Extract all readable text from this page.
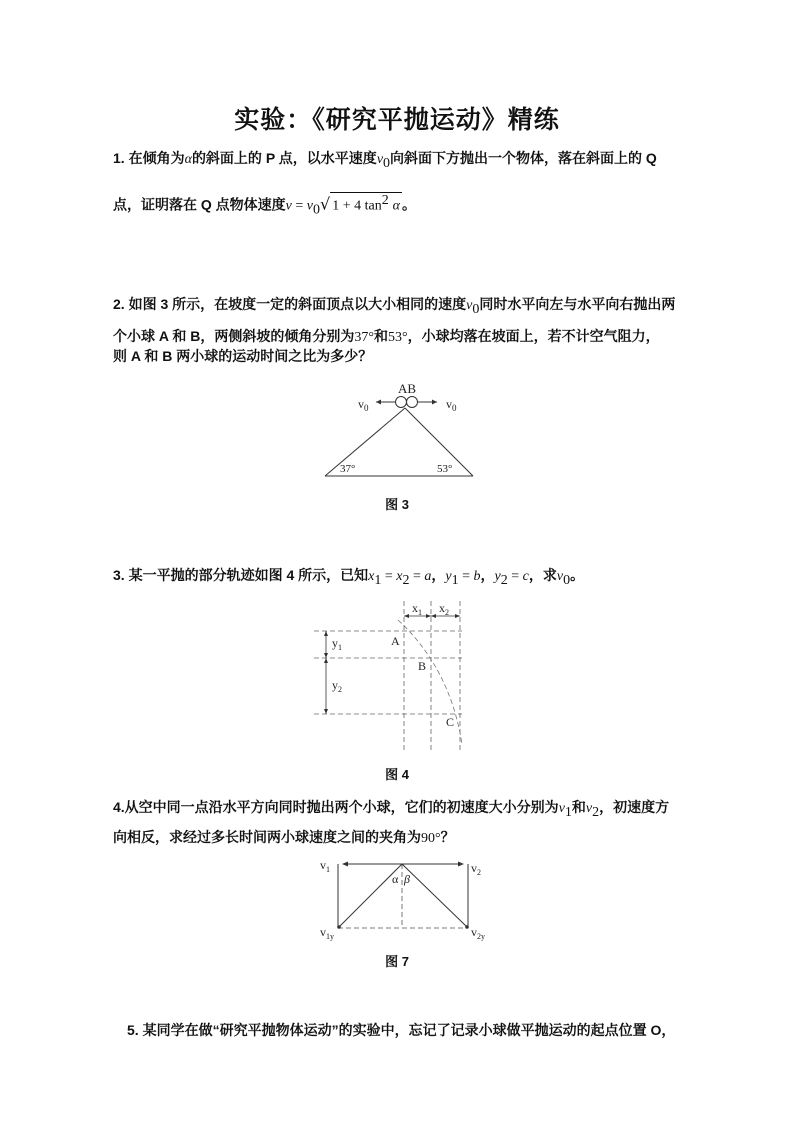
实验：《研究平抛运动》精练
1. 在倾角为α的斜面上的 P 点，以水平速度$v_0$向斜面下方抛出一个物体，落在斜面上的 Q
点，证明落在 Q 点物体速度$v = v_0√$ 1 + 4 $\tan^2 \alpha$ 。
2. 如图 3 所示，在坡度一定的斜面顶点以大小相同的速度$v_0$同时水平向左与水平向右抛出两
个小球 A 和 B，两侧斜坡的倾角分别为37°和53°，小球均落在坡面上，若不计空气阻力，
则 A 和 B 两小球的运动时间之比为多少？
AB
$v_0$	$v_0$
37°	53°
图 3
3. 某一平抛的部分轨迹如图 4 所示，已知$x_1 = x_2 = a$，$y_1 = b$，$y_2 = c$，求$v_0$。
$x_1$ $x_2$
$y_1$
$y_2$
A
B
C
图 4
4.从空中同一点沿水平方向同时抛出两个小球，它们的初速度大小分别为$v_1$和$v_2$，初速度方
向相反，求经过多长时间两小球速度之间的夹角为90°？
$v_1$	$v_2$
$v_{1y}$	$v_{2y}$
α β
图 7
5. 某同学在做“研究平抛物体运动”的实验中，忘记了记录小球做平抛运动的起点位置 O，
